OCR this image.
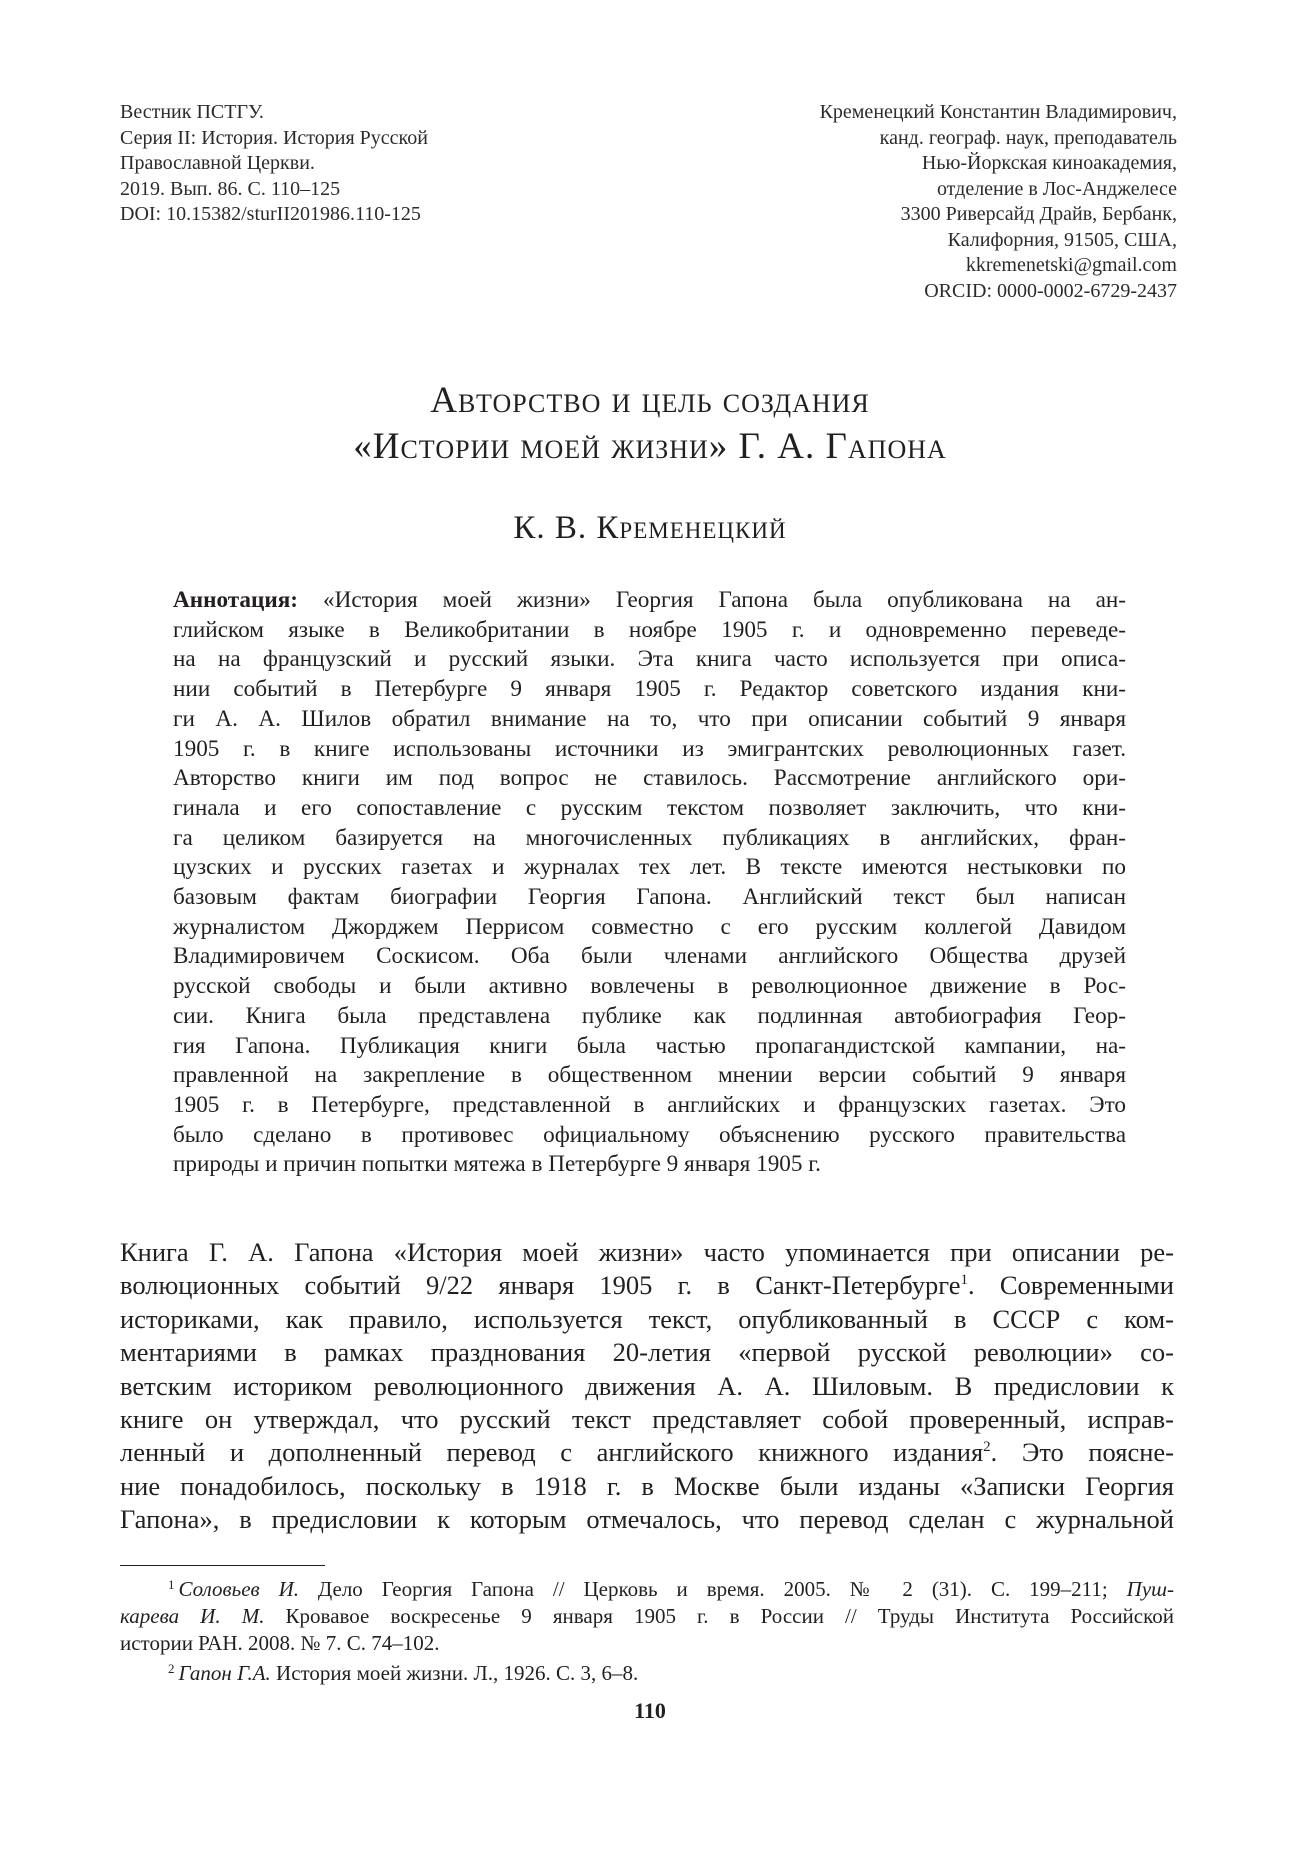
Вестник ПСТГУ.
Серия II: История. История Русской
Православной Церкви.
2019. Вып. 86. С. 110–125
DOI: 10.15382/sturII201986.110-125
Кременецкий Константин Владимирович,
канд. географ. наук, преподаватель
Нью-Йоркская киноакадемия,
отделение в Лос-Анджелесе
3300 Риверсайд Драйв, Бербанк,
Калифорния, 91505, США,
kkremenetski@gmail.com
ORCID: 0000-0002-6729-2437
Авторство и цель создания
«Истории моей жизни» Г. А. Гапона
К. В. Кременецкий
Аннотация: «История моей жизни» Георгия Гапона была опубликована на ан-
глийском языке в Великобритании в ноябре 1905 г. и одновременно переведе-
на на французский и русский языки. Эта книга часто используется при описа-
нии событий в Петербурге 9 января 1905 г. Редактор советского издания кни-
ги А. А. Шилов обратил внимание на то, что при описании событий 9 января
1905 г. в книге использованы источники из эмигрантских революционных газет.
Авторство книги им под вопрос не ставилось. Рассмотрение английского ори-
гинала и его сопоставление с русским текстом позволяет заключить, что кни-
га целиком базируется на многочисленных публикациях в английских, фран-
цузских и русских газетах и журналах тех лет. В тексте имеются нестыковки по
базовым фактам биографии Георгия Гапона. Английский текст был написан
журналистом Джорджем Перрисом совместно с его русским коллегой Давидом
Владимировичем Соскисом. Оба были членами английского Общества друзей
русской свободы и были активно вовлечены в революционное движение в Рос-
сии. Книга была представлена публике как подлинная автобиография Геор-
гия Гапона. Публикация книги была частью пропагандистской кампании, на-
правленной на закрепление в общественном мнении версии событий 9 января
1905 г. в Петербурге, представленной в английских и французских газетах. Это
было сделано в противовес официальному объяснению русского правительства
природы и причин попытки мятежа в Петербурге 9 января 1905 г.
Книга Г. А. Гапона «История моей жизни» часто упоминается при описании ре-
волюционных событий 9/22 января 1905 г. в Санкт-Петербурге$^1$. Современными
историками, как правило, используется текст, опубликованный в СССР с ком-
ментариями в рамках празднования 20-летия «первой русской революции» со-
ветским историком революционного движения А. А. Шиловым. В предисловии к
книге он утверждал, что русский текст представляет собой проверенный, исправ-
ленный и дополненный перевод с английского книжного издания$^2$. Это поясне-
ние понадобилось, поскольку в 1918 г. в Москве были изданы «Записки Георгия
Гапона», в предисловии к которым отмечалось, что перевод сделан с журнальной
$^1$ Соловьев И. Дело Георгия Гапона // Церковь и время. 2005. № 2 (31). С. 199–211; Пуш-
карева И. М. Кровавое воскресенье 9 января 1905 г. в России // Труды Института Российской
истории РАН. 2008. № 7. С. 74–102.
$^2$ Гапон Г.А. История моей жизни. Л., 1926. С. 3, 6–8.
110
